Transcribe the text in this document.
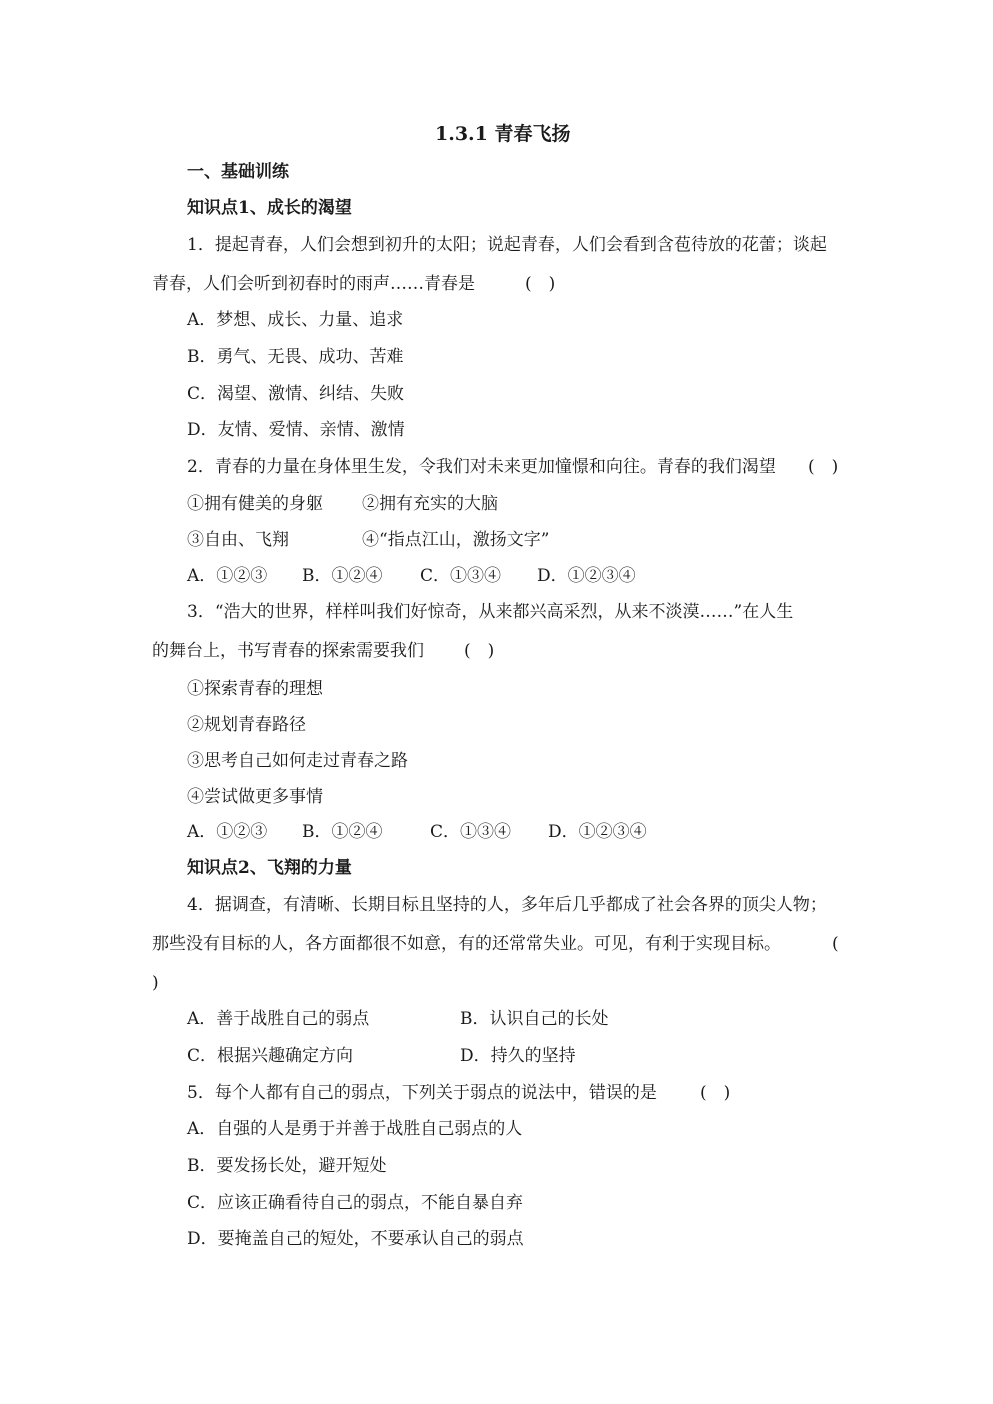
1.3.1 青春飞扬
一、基础训练
知识点1、成长的渴望
1．提起青春，人们会想到初升的太阳；说起青春，人们会看到含苞待放的花蕾；谈起
青春，人们会听到初春时的雨声……青春是	(　)
A．梦想、成长、力量、追求
B．勇气、无畏、成功、苦难
C．渴望、激情、纠结、失败
D．友情、爱情、亲情、激情
2．青春的力量在身体里生发，令我们对未来更加憧憬和向往。青春的我们渴望 (　)
①拥有健美的身躯 ②拥有充实的大脑
③自由、飞翔	④“指点江山，激扬文字”
A．①②③ B．①②④ C．①③④ D．①②③④
3．“浩大的世界，样样叫我们好惊奇，从来都兴高采烈，从来不淡漠……”在人生
的舞台上，书写青春的探索需要我们 (　)
①探索青春的理想
②规划青春路径
③思考自己如何走过青春之路
④尝试做更多事情
A．①②③ B．①②④	C．①③④ D．①②③④
知识点2、飞翔的力量
4．据调查，有清晰、长期目标且坚持的人，多年后几乎都成了社会各界的顶尖人物；
那些没有目标的人，各方面都很不如意，有的还常常失业。可见，有利于实现目标。	(
)
A．善于战胜自己的弱点	B．认识自己的长处
C．根据兴趣确定方向	D．持久的坚持
5．每个人都有自己的弱点，下列关于弱点的说法中，错误的是	(　)
A．自强的人是勇于并善于战胜自己弱点的人
B．要发扬长处，避开短处
C．应该正确看待自己的弱点，不能自暴自弃
D．要掩盖自己的短处，不要承认自己的弱点
